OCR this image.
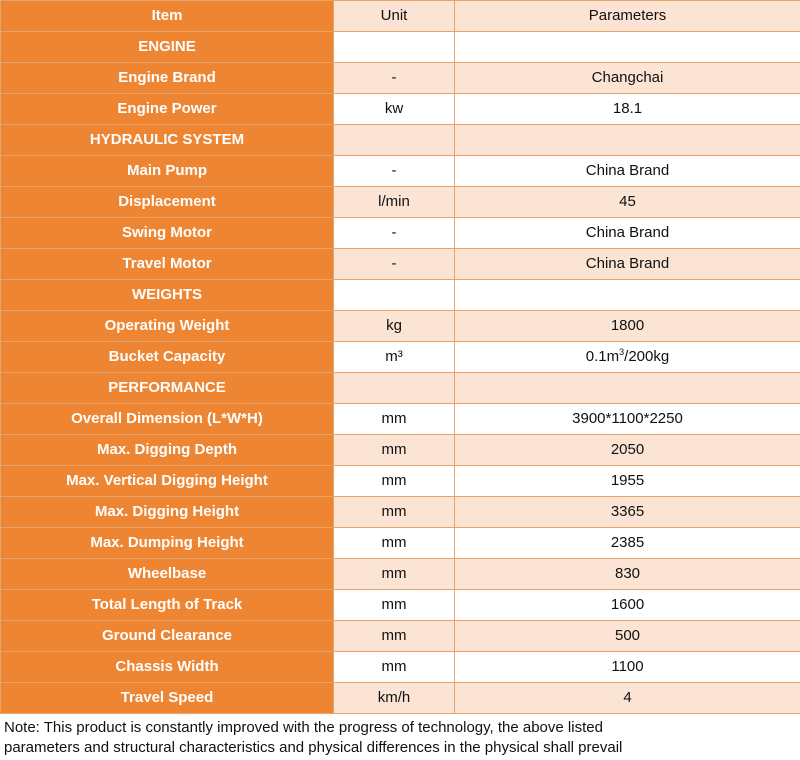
Item	Unit	Parameters
ENGINE		
Engine Brand	-	Changchai
Engine Power	kw	18.1
HYDRAULIC SYSTEM		
Main Pump	-	China Brand
Displacement	l/min	45
Swing Motor	-	China Brand
Travel Motor	-	China Brand
WEIGHTS		
Operating Weight	kg	1800
Bucket Capacity	m³	$0.1m^3/200kg$
PERFORMANCE		
Overall Dimension (L*W*H)	mm	3900*1100*2250
Max. Digging Depth	mm	2050
Max. Vertical Digging Height	mm	1955
Max. Digging Height	mm	3365
Max. Dumping Height	mm	2385
Wheelbase	mm	830
Total Length of Track	mm	1600
Ground Clearance	mm	500
Chassis Width	mm	1100
Travel Speed	km/h	4
Note: This product is constantly improved with the progress of technology, the above listed
parameters and structural characteristics and physical differences in the physical shall prevail
